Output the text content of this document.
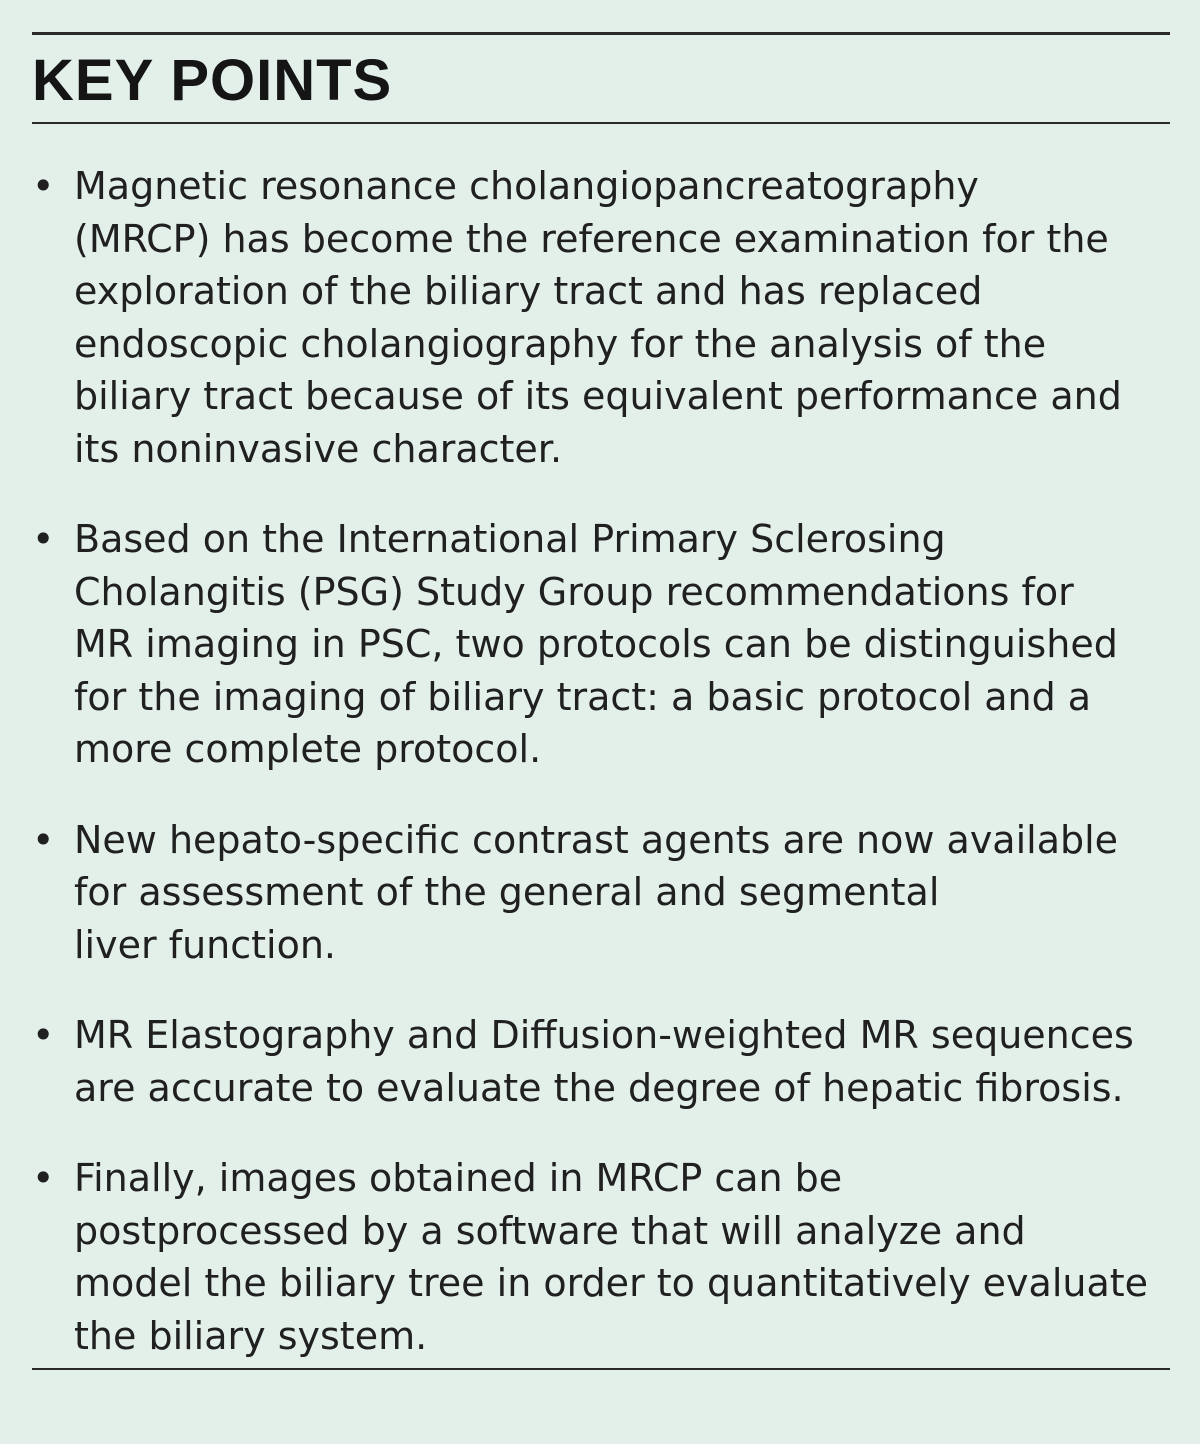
KEY POINTS
• Magnetic resonance cholangiopancreatography
(MRCP) has become the reference examination for the
exploration of the biliary tract and has replaced
endoscopic cholangiography for the analysis of the
biliary tract because of its equivalent performance and
its noninvasive character.
• Based on the International Primary Sclerosing
Cholangitis (PSG) Study Group recommendations for
MR imaging in PSC, two protocols can be distinguished
for the imaging of biliary tract: a basic protocol and a
more complete protocol.
• New hepato-specific contrast agents are now available
for assessment of the general and segmental
liver function.
• MR Elastography and Diffusion-weighted MR sequences
are accurate to evaluate the degree of hepatic fibrosis.
• Finally, images obtained in MRCP can be
postprocessed by a software that will analyze and
model the biliary tree in order to quantitatively evaluate
the biliary system.
